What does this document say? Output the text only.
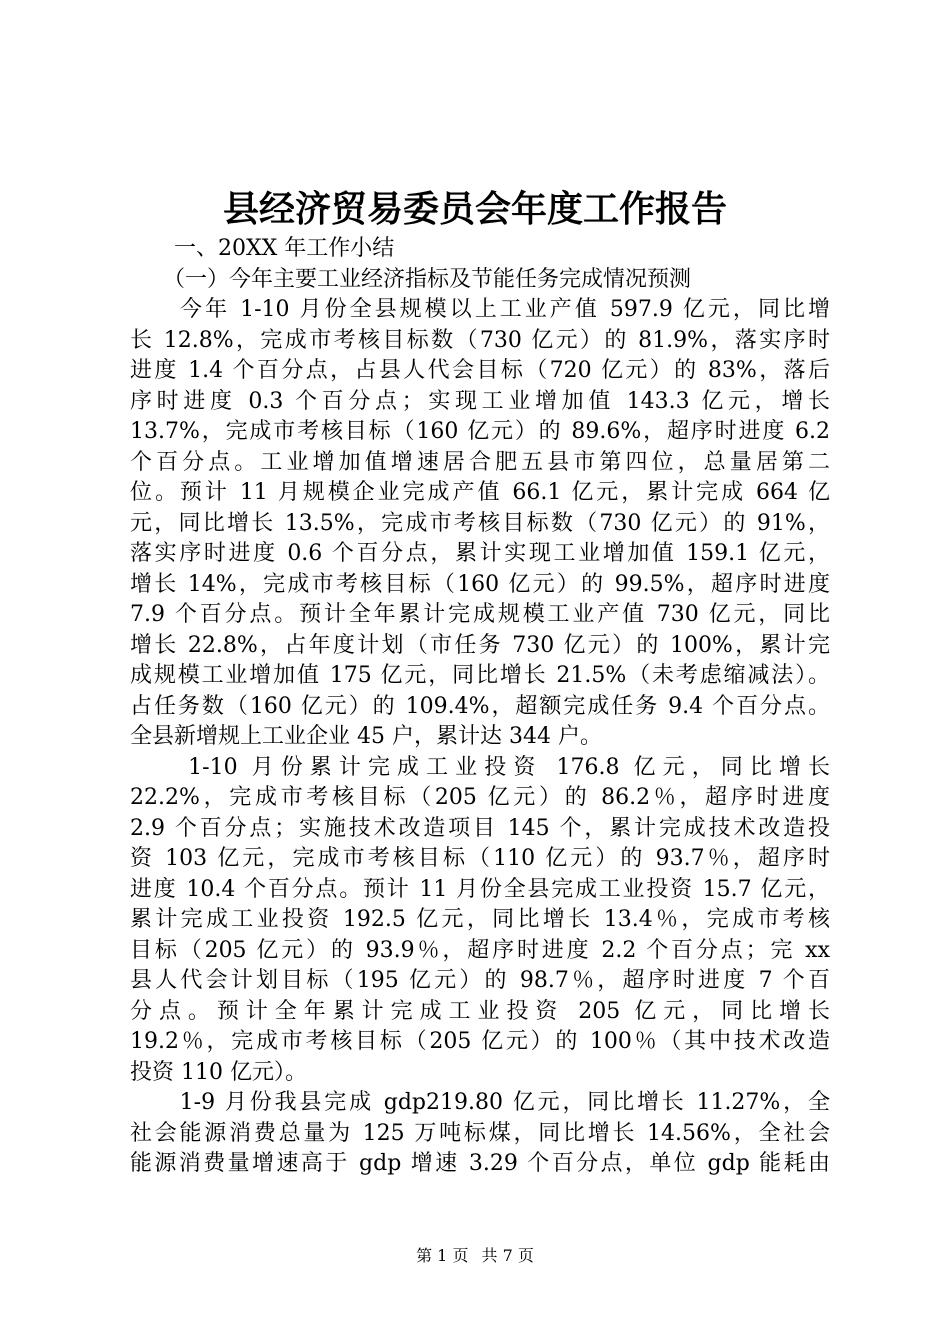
县经济贸易委员会年度工作报告
　　一、20XX 年工作小结
　　（一）今年主要工业经济指标及节能任务完成情况预测
　　今年 1-10 月份全县规模以上工业产值 597.9 亿元，同比增
长 12.8%，完成市考核目标数（730 亿元）的 81.9%，落实序时
进度 1.4 个百分点，占县人代会目标（720 亿元）的 83%，落后
序时进度 0.3 个百分点；实现工业增加值 143.3 亿元，增长
13.7%，完成市考核目标（160 亿元）的 89.6%，超序时进度 6.2
个百分点。工业增加值增速居合肥五县市第四位，总量居第二
位。预计 11 月规模企业完成产值 66.1 亿元，累计完成 664 亿
元，同比增长 13.5%，完成市考核目标数（730 亿元）的 91%，
落实序时进度 0.6 个百分点，累计实现工业增加值 159.1 亿元，
增长 14%，完成市考核目标（160 亿元）的 99.5%，超序时进度
7.9 个百分点。预计全年累计完成规模工业产值 730 亿元，同比
增长 22.8%，占年度计划（市任务 730 亿元）的 100%，累计完
成规模工业增加值 175 亿元，同比增长 21.5%（未考虑缩减法）。
占任务数（160 亿元）的 109.4%，超额完成任务 9.4 个百分点。
全县新增规上工业企业 45 户，累计达 344 户。
　　1-10 月份累计完成工业投资 176.8 亿元，同比增长
22.2%，完成市考核目标（205 亿元）的 86.2％，超序时进度
2.9 个百分点；实施技术改造项目 145 个，累计完成技术改造投
资 103 亿元，完成市考核目标（110 亿元）的 93.7％，超序时
进度 10.4 个百分点。预计 11 月份全县完成工业投资 15.7 亿元，
累计完成工业投资 192.5 亿元，同比增长 13.4％，完成市考核
目标（205 亿元）的 93.9％，超序时进度 2.2 个百分点；完 xx
县人代会计划目标（195 亿元）的 98.7％，超序时进度 7 个百
分点。预计全年累计完成工业投资 205 亿元，同比增长
19.2％，完成市考核目标（205 亿元）的 100％（其中技术改造
投资 110 亿元）。
　　1-9 月份我县完成 gdp219.80 亿元，同比增长 11.27%，全
社会能源消费总量为 125 万吨标煤，同比增长 14.56%，全社会
能源消费量增速高于 gdp 增速 3.29 个百分点，单位 gdp 能耗由
第 1 页 共 7 页
